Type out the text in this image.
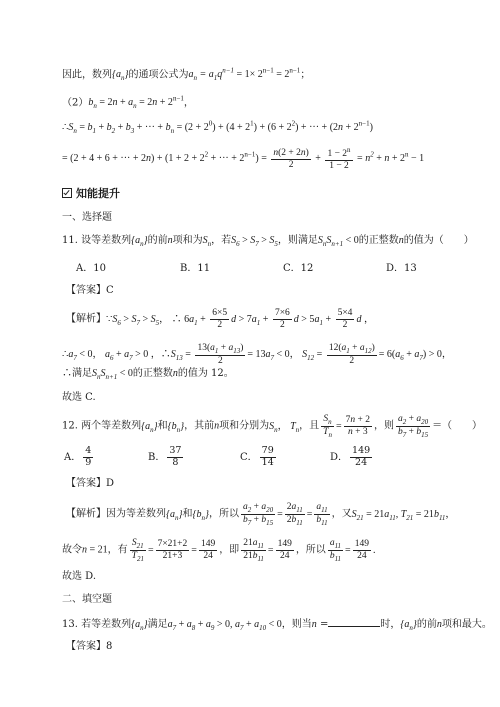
因此，数列$\{a_n\}$的通项公式为$a_n = a_1q^{n-1} = 1\times 2^{n-1} = 2^{n-1}$；
$(2)b_n = 2n + a_n = 2n + 2^{n-1}$，
$\therefore S_n = b_1 + b_2 + b_3$ + ··· + $b_n = (2 + 2^0) + (4 + 2^1) + (6 + 2^2)$ + ··· + $(2n + 2^{n-1})$
= (2 + 4 + 6 + ··· + $2n) + (1 + 2 + 2^2$ + ··· + $2^{n-1}) = \frac{n(2 + 2n)}{2} + \frac{1 - 2^n}{1 - 2} = n^2 + n + 2^n - 1$
知能提升
一、选择题
11. 设等差数列$\{a_n\}$的前n项和为$S_n$，若$S_6 > S_7 > S_5$，则满足$S_nS_{n+1} < 0$的正整数n的值为（　　）
A．10	B．11	C．12	D．13
【答案】C
【解析】$\because S_6 > S_7 > S_5$， ∴ $6a_1 + \frac{6\times 5}{2}$ $d > 7a_1 + \frac{7\times 6}{2}$ $d > 5a_1 + \frac{5\times 4}{2}$ d ，
$\therefore a_7 < 0$， $a_6 + a_7 > 0$ ，$\therefore S_{13} = \frac{13(a_1 + a_{13})}{2} = 13a_7 < 0$， $S_{12} = \frac{12(a_1 + a_{12})}{2} = 6(a_6 + a_7) > 0$，
∴满足$S_nS_{n+1} < 0$的正整数n的值为 12。
故选 C.
12. 两个等差数列$\{a_n\}$和$\{b_n\}$，其前n项和分别为$S_n$， $T_n$，且 $\frac{S_n}{T_n} = \frac{7n + 2}{n + 3}$ ，则 $\frac{a_2 + a_{20}}{b_7 + b_{15}}$ ＝（　　）
A． $\frac{4}{9}$	B． $\frac{37}{8}$	C． $\frac{79}{14}$	D． $\frac{149}{24}$
【答案】D
【解析】因为等差数列$\{a_n\}$和$\{b_n\}$，所以 $\frac{a_2 + a_{20}}{b_7 + b_{15}} = \frac{2a_{11}}{2b_{11}} = \frac{a_{11}}{b_{11}}$ ，又$S_{21} = 21a_{11}$, $T_{21} = 21b_{11}$，
故令n = 21，有 $\frac{S_{21}}{T_{21}} = \frac{7\times 21+2}{21+3} = \frac{149}{24}$ ，即 $\frac{21a_{11}}{21b_{11}} = \frac{149}{24}$ ，所以 $\frac{a_{11}}{b_{11}} = \frac{149}{24}$ .
故选 D.
二、填空题
13. 若等差数列$\{a_n\}$满足$a_7 + a_8 + a_9 > 0$, $a_7 + a_{10} < 0$，则当n =	时，$\{a_n\}$的前n项和最大。
【答案】8
